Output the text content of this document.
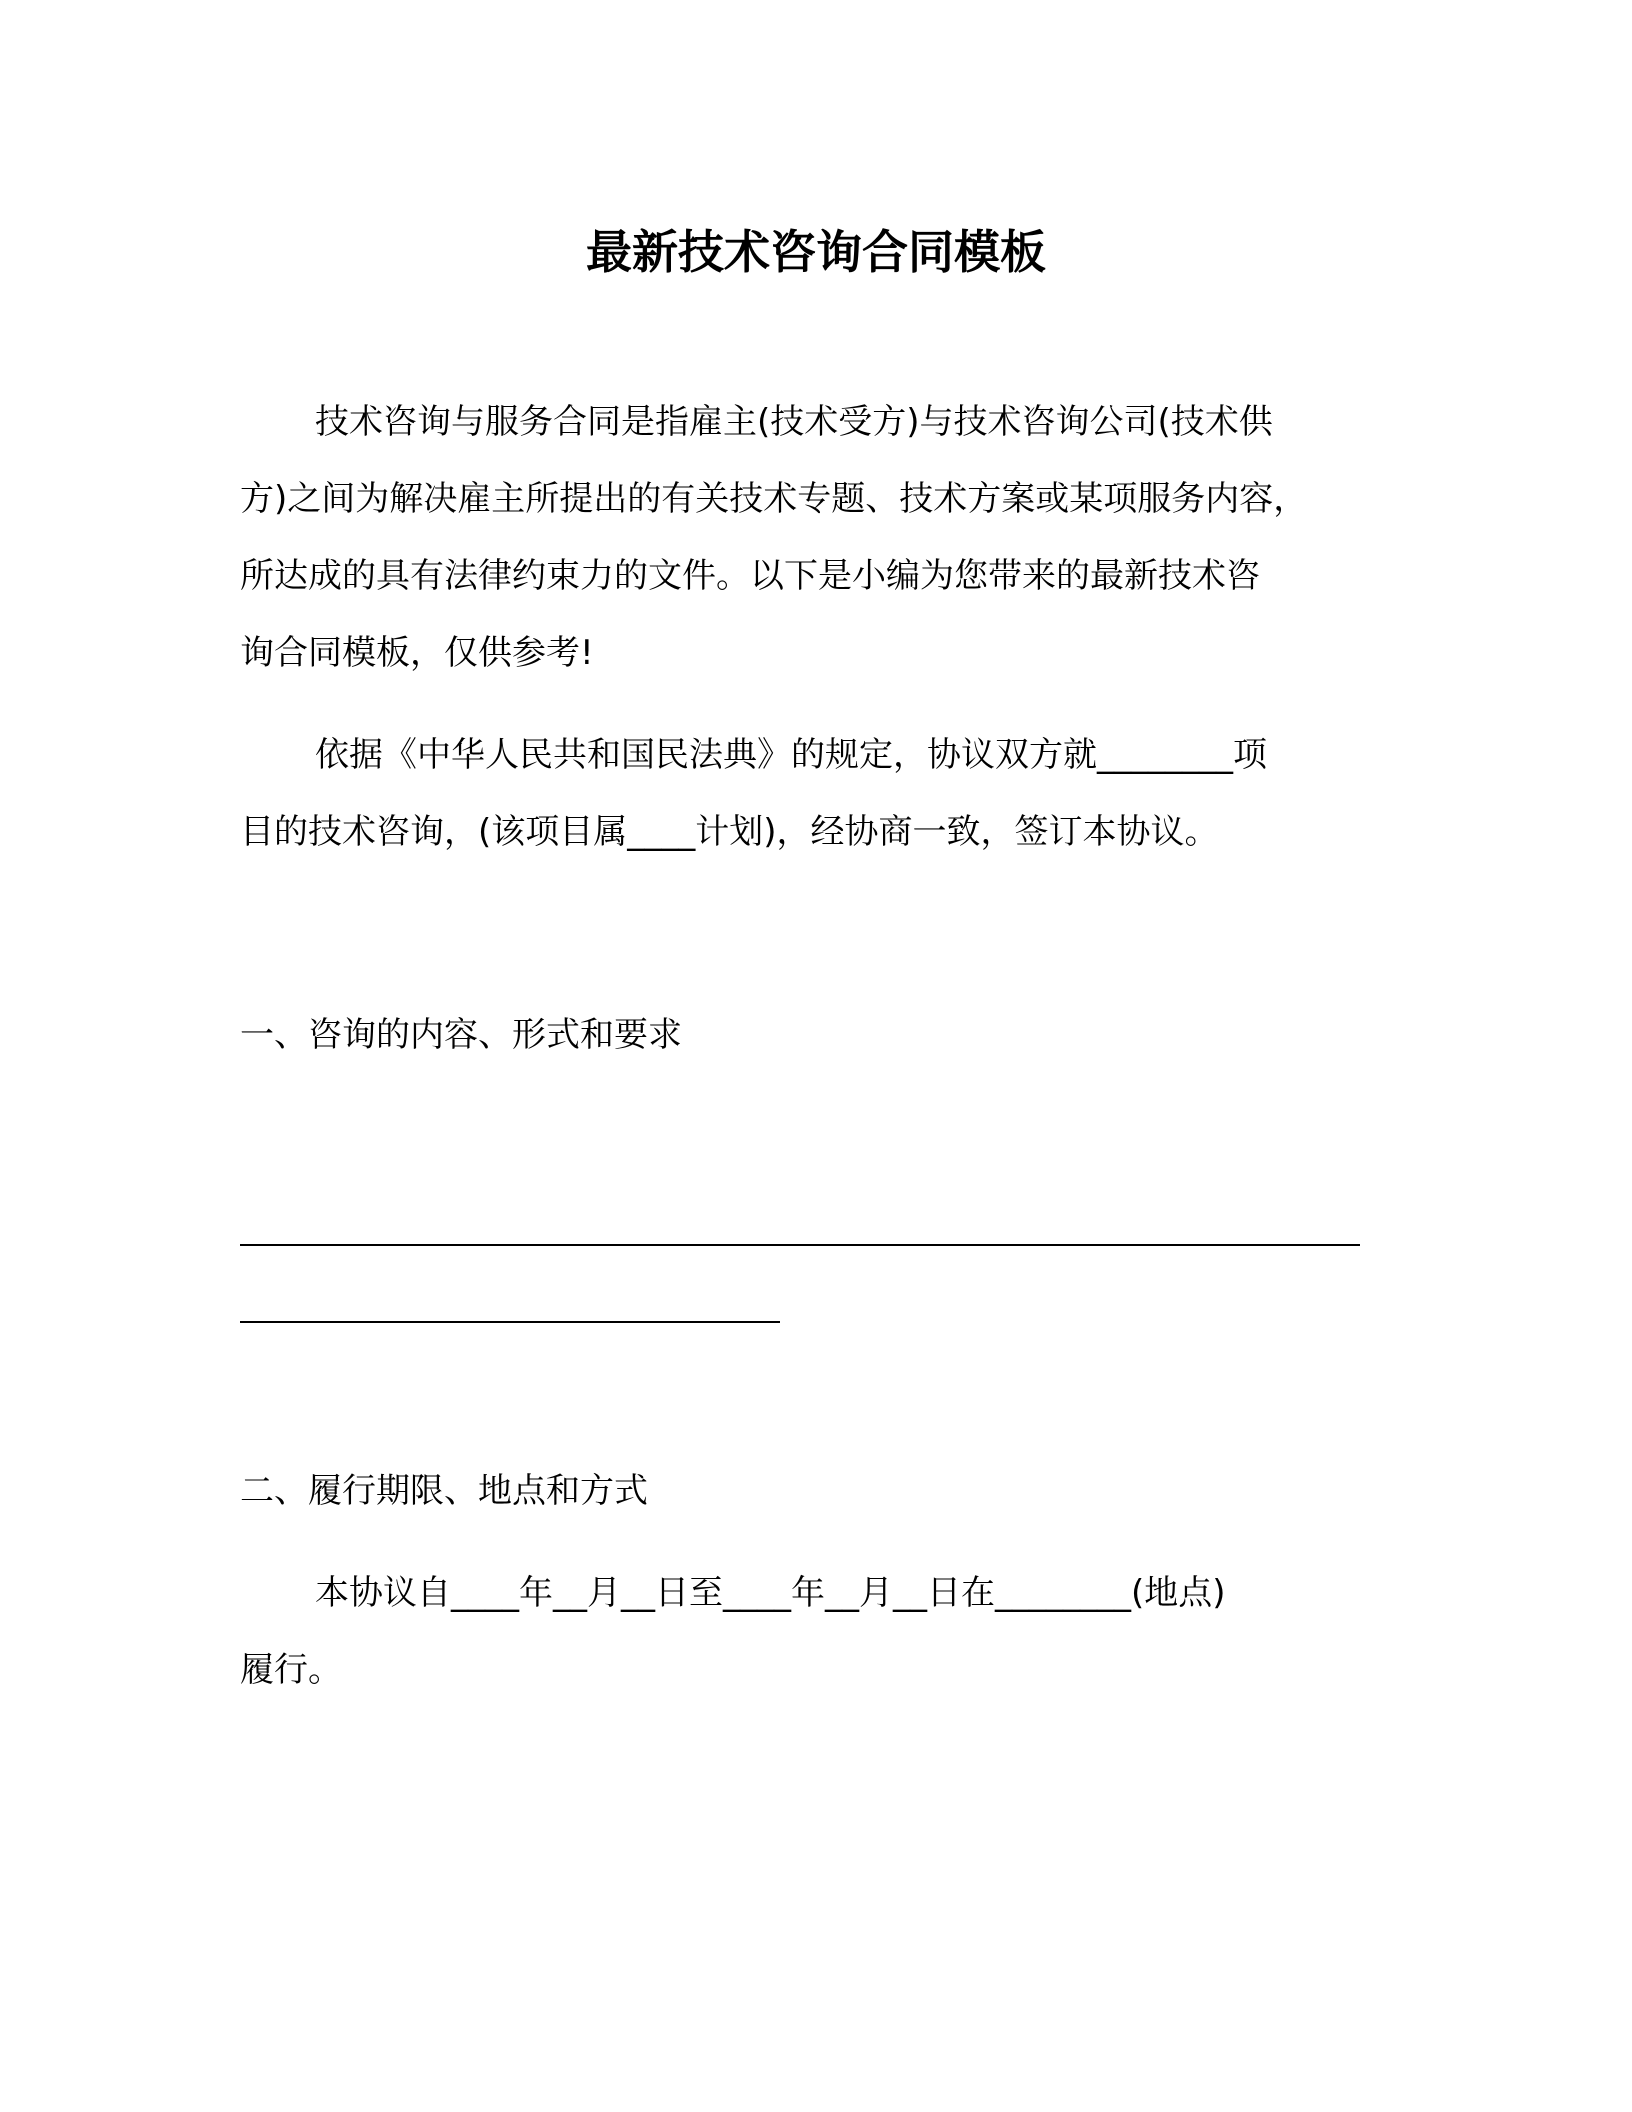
最新技术咨询合同模板
技术咨询与服务合同是指雇主(技术受方)与技术咨询公司(技术供
方)之间为解决雇主所提出的有关技术专题、技术方案或某项服务内容，
所达成的具有法律约束力的文件。以下是小编为您带来的最新技术咨
询合同模板，仅供参考!
依据《中华人民共和国民法典》的规定，协议双方就________项
目的技术咨询，(该项目属____计划)，经协商一致，签订本协议。
一、咨询的内容、形式和要求
二、履行期限、地点和方式
本协议自____年__月__日至____年__月__日在________(地点)
履行。
